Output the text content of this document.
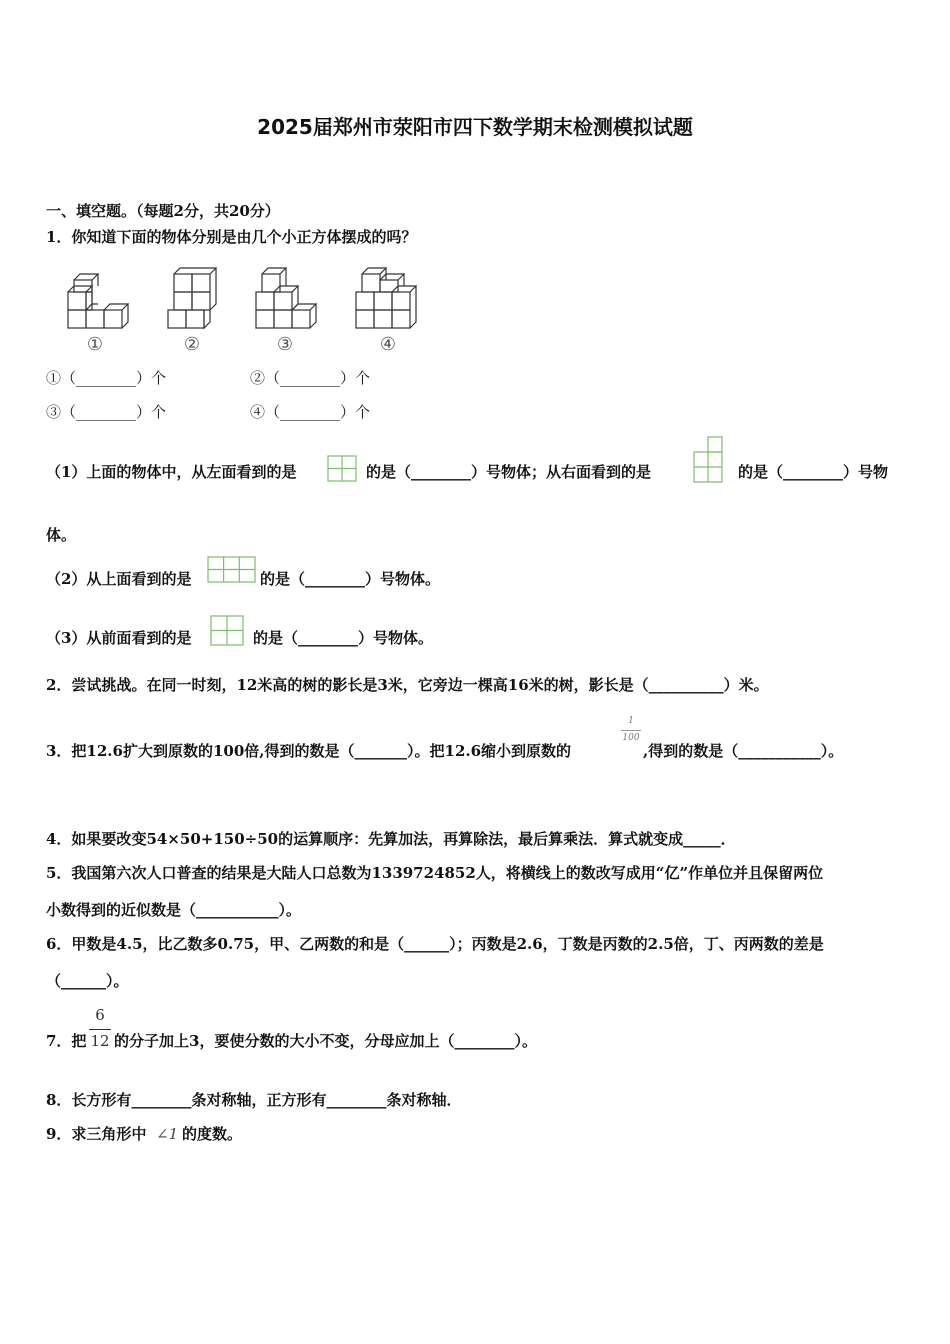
2025届郑州市荥阳市四下数学期末检测模拟试题
一、填空题。（每题2分，共20分）
1．你知道下面的物体分别是由几个小正方体摆成的吗？
①	②	③	④
①（________）个	②（________）个
③（________）个	④（________）个
（1）上面的物体中，从左面看到的是	的是（________）号物体；从右面看到的是	的是（________）号物
体。
（2）从上面看到的是	的是（________）号物体。
（3）从前面看到的是	的是（________）号物体。
2．尝试挑战。在同一时刻，12米高的树的影长是3米，它旁边一棵高16米的树，影长是（__________）米。
3．把12.6扩大到原数的100倍,得到的数是（_______）。把12.6缩小到原数的
1
100
,得到的数是（___________）。
4．如果要改变54×50+150÷50的运算顺序：先算加法，再算除法，最后算乘法．算式就变成_____．
5．我国第六次人口普查的结果是大陆人口总数为1339724852人，将横线上的数改写成用“亿”作单位并且保留两位
小数得到的近似数是（___________）。
6．甲数是4.5，比乙数多0.75，甲、乙两数的和是（______）；丙数是2.6，丁数是丙数的2.5倍，丁、丙两数的差是
（______）。
7．把
6
12 的分子加上3，要使分数的大小不变，分母应加上（________）。
8．长方形有________条对称轴，正方形有________条对称轴．
9．求三角形中 ∠1 的度数。
